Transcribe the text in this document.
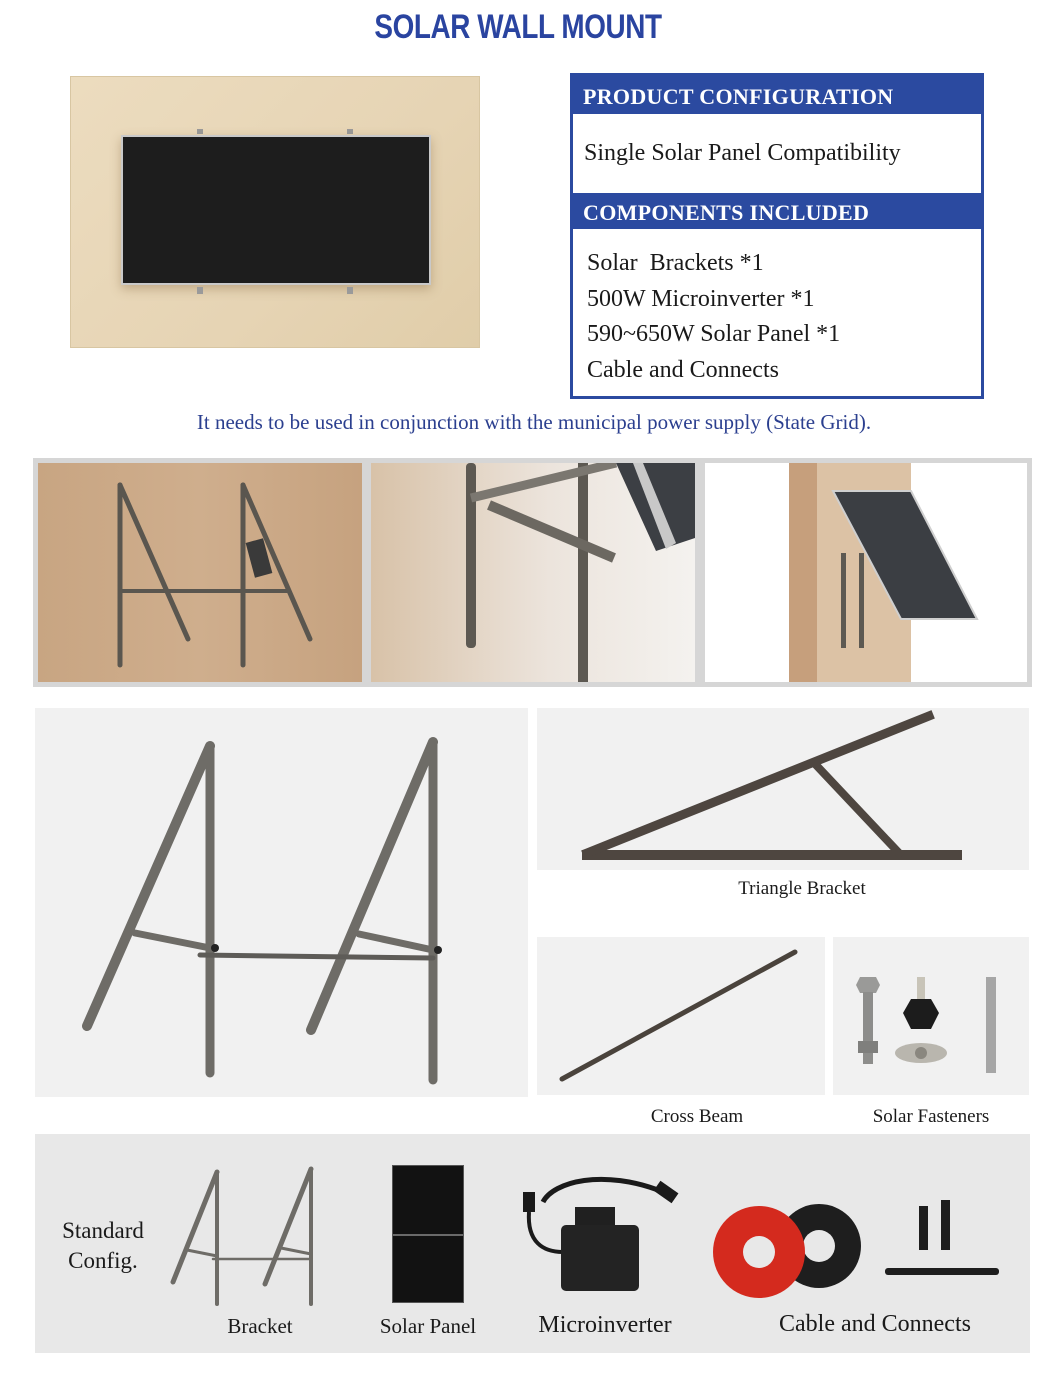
SOLAR WALL MOUNT
PRODUCT CONFIGURATION
Single Solar Panel Compatibility
COMPONENTS INCLUDED
Solar  Brackets *1
500W Microinverter *1
590~650W Solar Panel *1
Cable and Connects
It needs to be used in conjunction with the municipal power supply (State Grid).
Triangle Bracket
Cross Beam	Solar Fasteners
Standard
Config.
Bracket	Solar Panel	Microinverter	Cable and Connects
